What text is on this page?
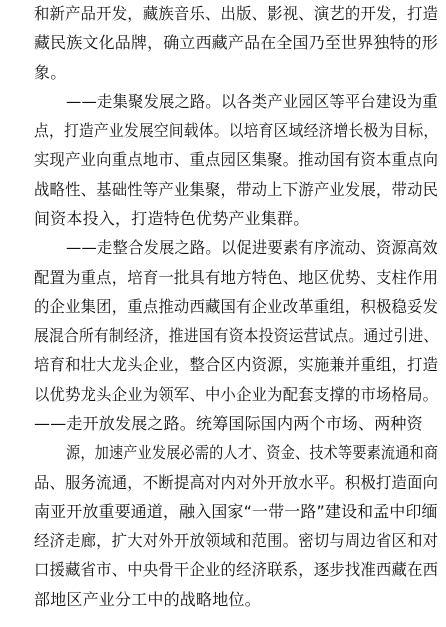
和新产品开发，藏族音乐、出版、影视、演艺的开发，打造
藏民族文化品牌，确立西藏产品在全国乃至世界独特的形
象。
——走集聚发展之路。以各类产业园区等平台建设为重
点，打造产业发展空间载体。以培育区域经济增长极为目标，
实现产业向重点地市、重点园区集聚。推动国有资本重点向
战略性、基础性等产业集聚，带动上下游产业发展，带动民
间资本投入，打造特色优势产业集群。
——走整合发展之路。以促进要素有序流动、资源高效
配置为重点，培育一批具有地方特色、地区优势、支柱作用
的企业集团，重点推动西藏国有企业改革重组，积极稳妥发
展混合所有制经济，推进国有资本投资运营试点。通过引进、
培育和壮大龙头企业，整合区内资源，实施兼并重组，打造
以优势龙头企业为领军、中小企业为配套支撑的市场格局。
——走开放发展之路。统筹国际国内两个市场、两种资
源，加速产业发展必需的人才、资金、技术等要素流通和商
品、服务流通，不断提高对内对外开放水平。积极打造面向
南亚开放重要通道，融入国家“一带一路”建设和孟中印缅
经济走廊，扩大对外开放领域和范围。密切与周边省区和对
口援藏省市、中央骨干企业的经济联系，逐步找准西藏在西
部地区产业分工中的战略地位。
